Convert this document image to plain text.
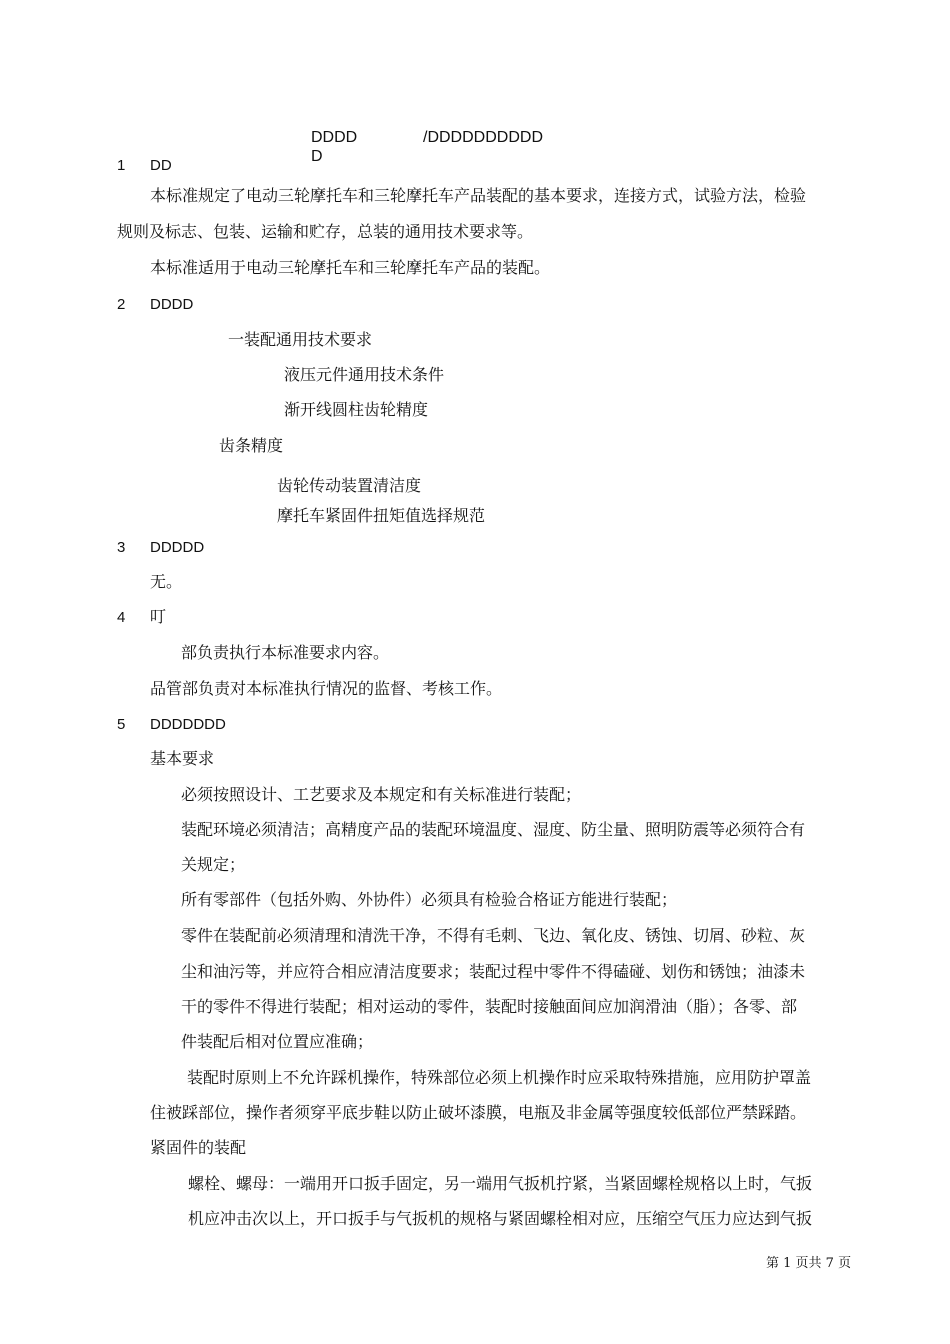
DDDD
D
/DDDDDDDDDD
1 DD
本标准规定了电动三轮摩托车和三轮摩托车产品装配的基本要求，连接方式，试验方法，检验
规则及标志、包装、运输和贮存，总装的通用技术要求等。
本标准适用于电动三轮摩托车和三轮摩托车产品的装配。
2 DDDD
一装配通用技术要求
液压元件通用技术条件
渐开线圆柱齿轮精度
齿条精度
齿轮传动装置清洁度
摩托车紧固件扭矩值选择规范
3 DDDDD
无。
4 叮
部负责执行本标准要求内容。
品管部负责对本标准执行情况的监督、考核工作。
5 DDDDDDD
基本要求
必须按照设计、工艺要求及本规定和有关标准进行装配；
装配环境必须清洁；高精度产品的装配环境温度、湿度、防尘量、照明防震等必须符合有
关规定；
所有零部件（包括外购、外协件）必须具有检验合格证方能进行装配；
零件在装配前必须清理和清洗干净，不得有毛刺、飞边、氧化皮、锈蚀、切屑、砂粒、灰
尘和油污等，并应符合相应清洁度要求；装配过程中零件不得磕碰、划伤和锈蚀；油漆未
干的零件不得进行装配；相对运动的零件，装配时接触面间应加润滑油（脂）；各零、部
件装配后相对位置应准确；
装配时原则上不允许踩机操作，特殊部位必须上机操作时应采取特殊措施，应用防护罩盖
住被踩部位，操作者须穿平底步鞋以防止破坏漆膜，电瓶及非金属等强度较低部位严禁踩踏。
紧固件的装配
螺栓、螺母：一端用开口扳手固定，另一端用气扳机拧紧，当紧固螺栓规格以上时，气扳
机应冲击次以上，开口扳手与气扳机的规格与紧固螺栓相对应，压缩空气压力应达到气扳
第 1 页共 7 页
